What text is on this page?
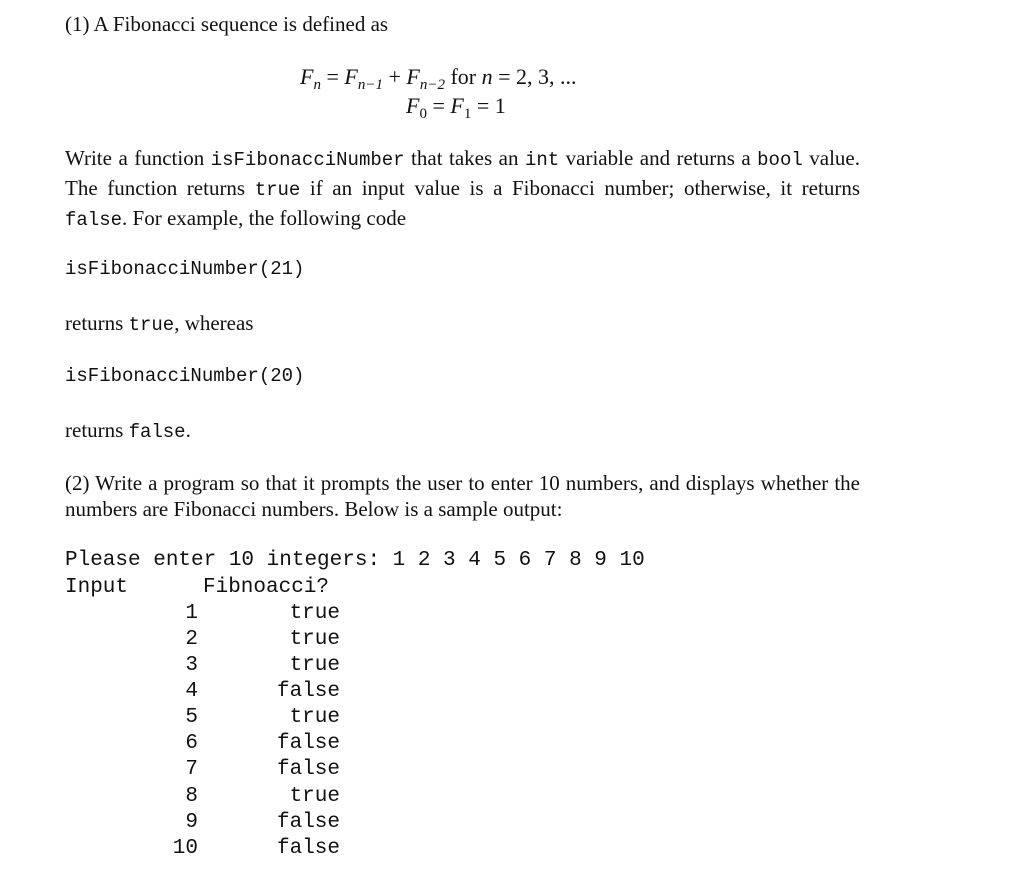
(1) A Fibonacci sequence is defined as
$F_n = F_{n-1} + F_{n-2}$ for n = 2, 3, ...
$F_0 = F_1 = 1$
Write a function isFibonacciNumber that takes an int variable and returns a bool value. The function returns true if an input value is a Fibonacci number; otherwise, it returns false. For example, the following code
isFibonacciNumber(21)
returns true, whereas
isFibonacciNumber(20)
returns false.
(2) Write a program so that it prompts the user to enter 10 numbers, and displays whether the numbers are Fibonacci numbers. Below is a sample output:
Please enter 10 integers: 1 2 3 4 5 6 7 8 9 10
Input	Fibnoacci?
1	true
2	true
3	true
4	false
5	true
6	false
7	false
8	true
9	false
10	false
